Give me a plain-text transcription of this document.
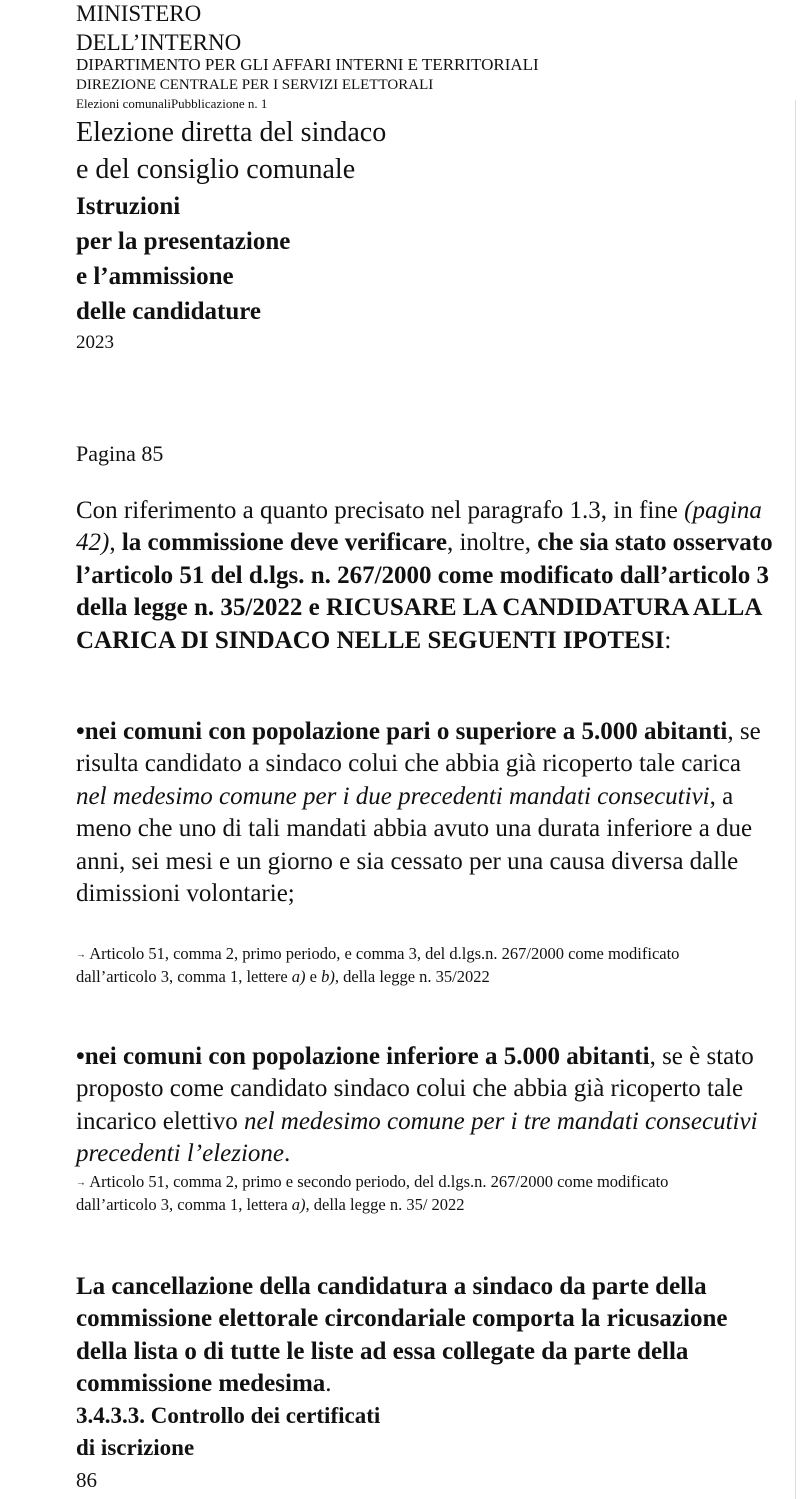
MINISTERO
DELL’INTERNO
DIPARTIMENTO PER GLI AFFARI INTERNI E TERRITORIALI
DIREZIONE CENTRALE PER I SERVIZI ELETTORALI
Elezioni comunaliPubblicazione n. 1
Elezione diretta del sindaco
e del consiglio comunale
Istruzioni
per la presentazione
e l’ammissione
delle candidature
2023
Pagina 85
Con riferimento a quanto precisato nel paragrafo 1.3, in fine (pagina 42), la commissione deve verificare, inoltre, che sia stato osservato l’articolo 51 del d.lgs. n. 267/2000 come modificato dall’articolo 3 della legge n. 35/2022 e RICUSARE LA CANDIDATURA ALLA CARICA DI SINDACO NELLE SEGUENTI IPOTESI:
•nei comuni con popolazione pari o superiore a 5.000 abitanti, se risulta candidato a sindaco colui che abbia già ricoperto tale carica nel medesimo comune per i due precedenti mandati consecutivi, a meno che uno di tali mandati abbia avuto una durata inferiore a due anni, sei mesi e un giorno e sia cessato per una causa diversa dalle dimissioni volontarie;
→ Articolo 51, comma 2, primo periodo, e comma 3, del d.lgs.n. 267/2000 come modificato dall’articolo 3, comma 1, lettere a) e b), della legge n. 35/2022
•nei comuni con popolazione inferiore a 5.000 abitanti, se è stato proposto come candidato sindaco colui che abbia già ricoperto tale incarico elettivo nel medesimo comune per i tre mandati consecutivi precedenti l’elezione.
→ Articolo 51, comma 2, primo e secondo periodo, del d.lgs.n. 267/2000 come modificato dall’articolo 3, comma 1, lettera a), della legge n. 35/ 2022
La cancellazione della candidatura a sindaco da parte della commissione elettorale circondariale comporta la ricusazione della lista o di tutte le liste ad essa collegate da parte della commissione medesima.
3.4.3.3. Controllo dei certificati
di iscrizione
86
